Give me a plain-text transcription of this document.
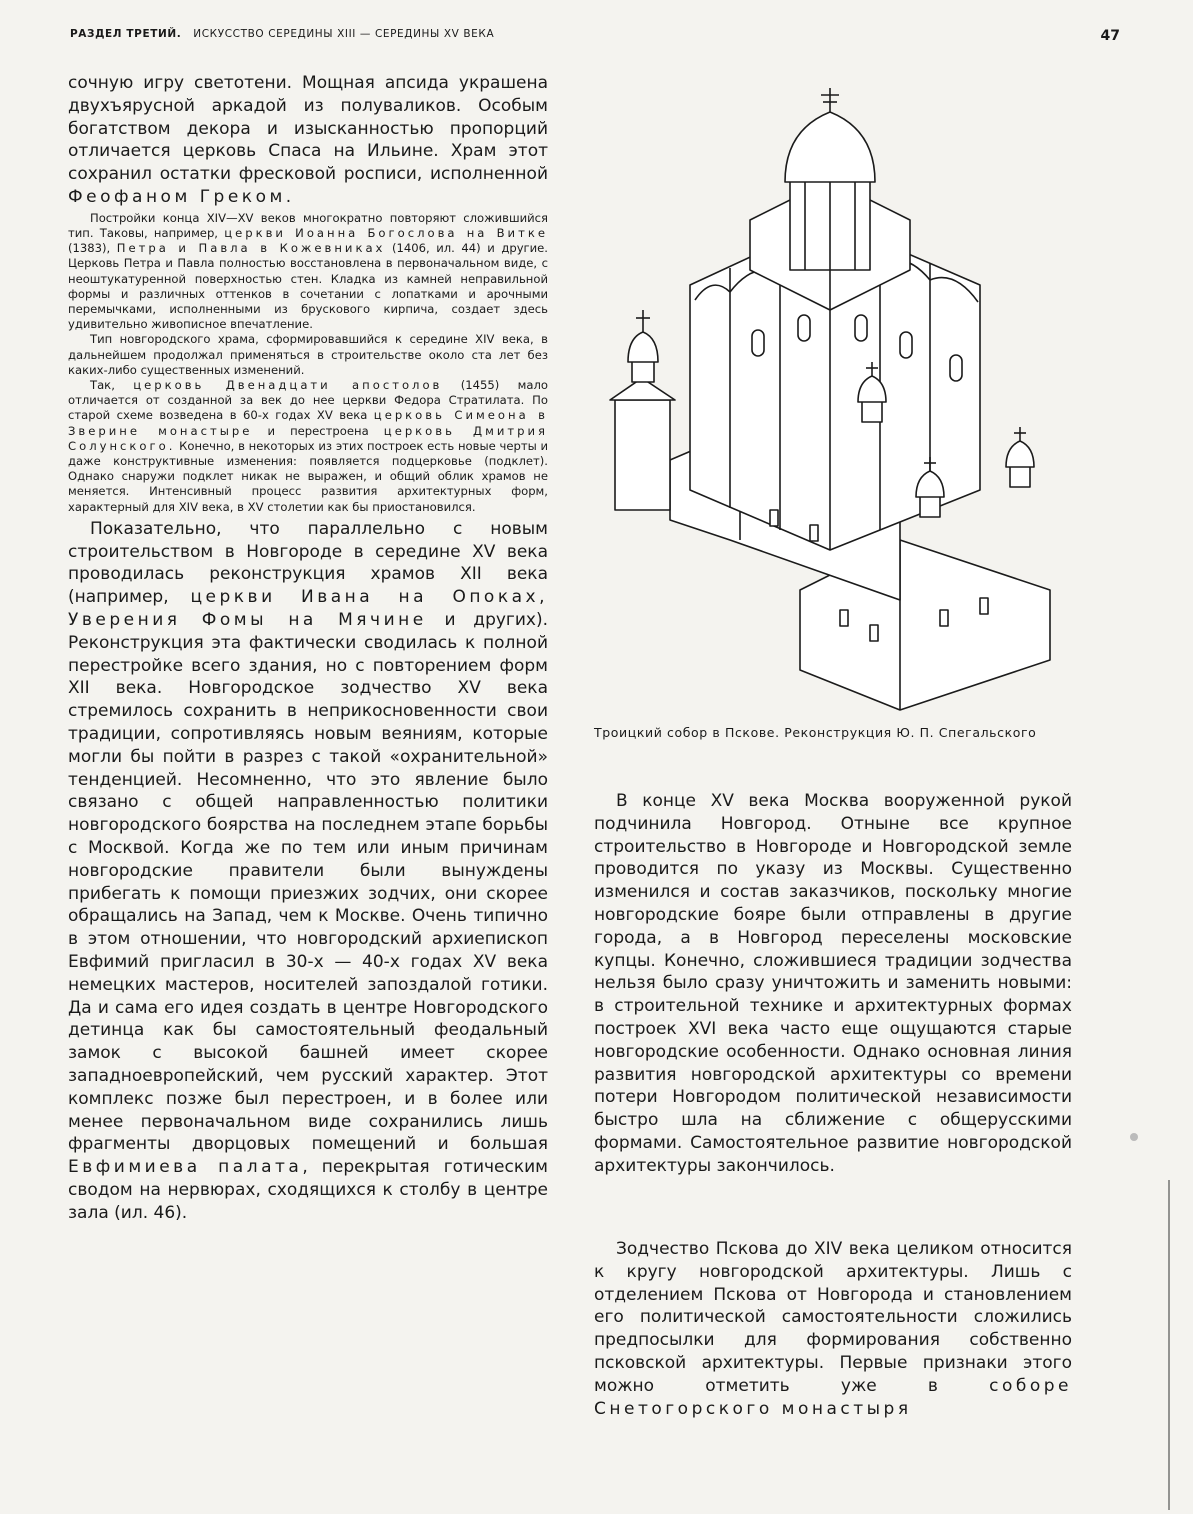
РАЗДЕЛ ТРЕТИЙ. ИСКУССТВО СЕРЕДИНЫ XIII — СЕРЕДИНЫ XV ВЕКА	47

сочную игру светотени. Мощная апсида украшена двухъярусной аркадой из полувaликов. Особым богатством декора и изысканностью пропорций отличается церковь Спаса на Ильине. Храм этот сохранил остатки фресковой росписи, исполненной Феофаном Греком.

Постройки конца XIV—XV веков многократно повторяют сложившийся тип. Таковы, например, церкви Иоанна Богослова на Витке (1383), Петра и Павла в Кожевниках (1406, ил. 44) и другие. Церковь Петра и Павла полностью восстановлена в первоначальном виде, с неоштукатуренной поверхностью стен. Кладка из камней неправильной формы и различных оттенков в сочетании с лопатками и арочными перемычками, исполненными из брускового кирпича, создает здесь удивительно живописное впечатление.

Тип новгородского храма, сформировавшийся к середине XIV века, в дальнейшем продолжал применяться в строительстве около ста лет без каких-либо существенных изменений.

Так, церковь Двенадцати апостолов (1455) мало отличается от созданной за век до нее церкви Федора Стратилата. По старой схеме возведена в 60-х годах XV века церковь Симеона в Зверине монастыре и перестроена церковь Дмитрия Солунского. Конечно, в некоторых из этих построек есть новые черты и даже конструктивные изменения: появляется подцерковье (подклет). Однако снаружи подклет никак не выражен, и общий облик храмов не меняется. Интенсивный процесс развития архитектурных форм, характерный для XIV века, в XV столетии как бы приостановился.

Показательно, что параллельно с новым строительством в Новгороде в середине XV века проводилась реконструкция храмов XII века (например, церкви Ивана на Опоках, Уверения Фомы на Мячине и других). Реконструкция эта фактически сводилась к полной перестройке всего здания, но с повторением форм XII века. Новгородское зодчество XV века стремилось сохранить в неприкосновенности свои традиции, сопротивляясь новым веяниям, которые могли бы пойти в разрез с такой «охранительной» тенденцией. Несомненно, что это явление было связано с общей направленностью политики новгородского боярства на последнем этапе борьбы с Москвой. Когда же по тем или иным причинам новгородские правители были вынуждены прибегать к помощи приезжих зодчих, они скорее обращались на Запад, чем к Москве. Очень типично в этом отношении, что новгородский архиепископ Евфимий пригласил в 30-х — 40-х годах XV века немецких мастеров, носителей запоздалой готики. Да и сама его идея создать в центре Новгородского детинца как бы самостоятельный феодальный замок с высокой башней имеет скорее западноевропейский, чем русский характер. Этот комплекс позже был перестроен, и в более или менее первоначальном виде сохранились лишь фрагменты дворцовых помещений и большая Евфимиева палата, перекрытая готическим сводом на нервюрах, сходящихся к столбу в центре зала (ил. 46).

Троицкий собор в Пскове. Реконструкция Ю. П. Спегальского

В конце XV века Москва вооруженной рукой подчинила Новгород. Отныне все крупное строительство в Новгороде и Новгородской земле проводится по указу из Москвы. Существенно изменился и состав заказчиков, поскольку многие новгородские бояре были отправлены в другие города, а в Новгород переселены московские купцы. Конечно, сложившиеся традиции зодчества нельзя было сразу уничтожить и заменить новыми: в строительной технике и архитектурных формах построек XVI века часто еще ощущаются старые новгородские особенности. Однако основная линия развития новгородской архитектуры со времени потери Новгородом политической независимости быстро шла на сближение с общерусскими формами. Самостоятельное развитие новгородской архитектуры закончилось.

Зодчество Пскова до XIV века целиком относится к кругу новгородской архитектуры. Лишь с отделением Пскова от Новгорода и становлением его политической самостоятельности сложились предпосылки для формирования собственно псковской архитектуры. Первые признаки этого можно отметить уже в соборе Снетогорского монастыря
